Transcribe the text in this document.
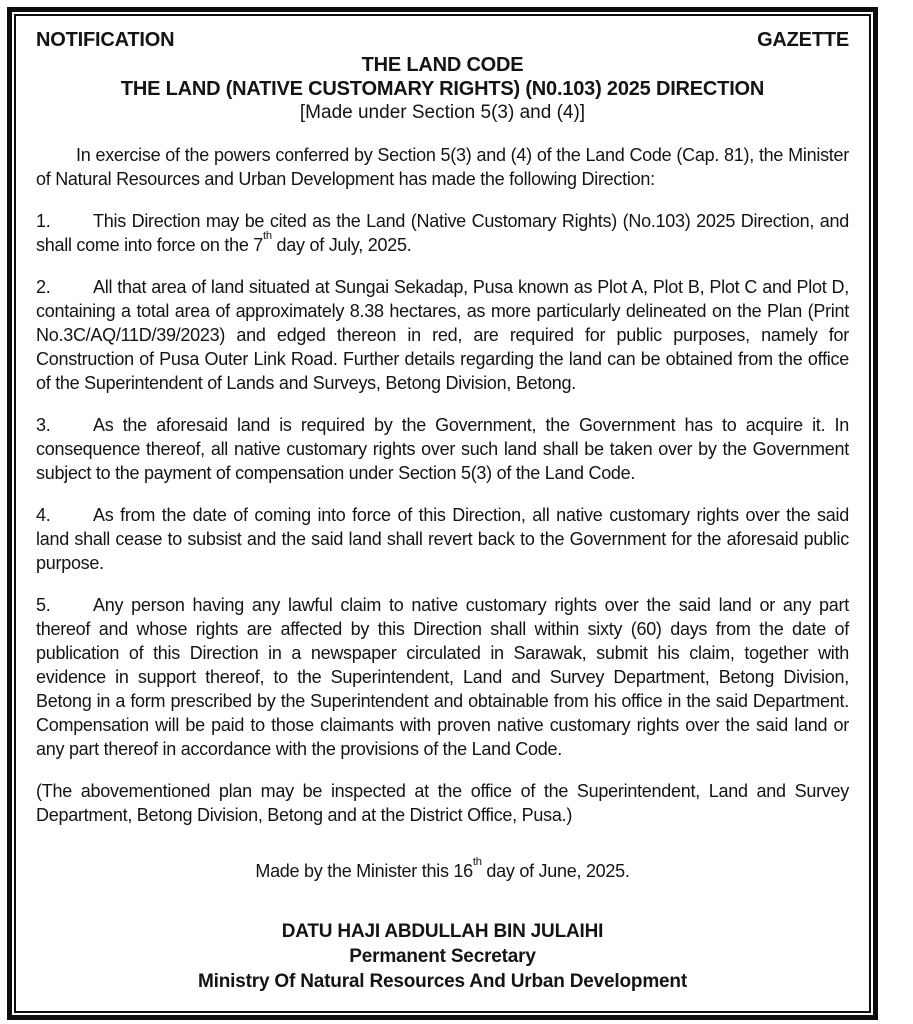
NOTIFICATION	GAZETTE
THE LAND CODE
THE LAND (NATIVE CUSTOMARY RIGHTS) (N0.103) 2025 DIRECTION
[Made under Section 5(3) and (4)]

In exercise of the powers conferred by Section 5(3) and (4) of the Land Code (Cap. 81), the Minister of Natural Resources and Urban Development has made the following Direction:

1. This Direction may be cited as the Land (Native Customary Rights) (No.103) 2025 Direction, and shall come into force on the 7th day of July, 2025.

2. All that area of land situated at Sungai Sekadap, Pusa known as Plot A, Plot B, Plot C and Plot D, containing a total area of approximately 8.38 hectares, as more particularly delineated on the Plan (Print No.3C/AQ/11D/39/2023) and edged thereon in red, are required for public purposes, namely for Construction of Pusa Outer Link Road. Further details regarding the land can be obtained from the office of the Superintendent of Lands and Surveys, Betong Division, Betong.

3. As the aforesaid land is required by the Government, the Government has to acquire it. In consequence thereof, all native customary rights over such land shall be taken over by the Government subject to the payment of compensation under Section 5(3) of the Land Code.

4. As from the date of coming into force of this Direction, all native customary rights over the said land shall cease to subsist and the said land shall revert back to the Government for the aforesaid public purpose.

5. Any person having any lawful claim to native customary rights over the said land or any part thereof and whose rights are affected by this Direction shall within sixty (60) days from the date of publication of this Direction in a newspaper circulated in Sarawak, submit his claim, together with evidence in support thereof, to the Superintendent, Land and Survey Department, Betong Division, Betong in a form prescribed by the Superintendent and obtainable from his office in the said Department. Compensation will be paid to those claimants with proven native customary rights over the said land or any part thereof in accordance with the provisions of the Land Code.

(The abovementioned plan may be inspected at the office of the Superintendent, Land and Survey Department, Betong Division, Betong and at the District Office, Pusa.)

Made by the Minister this 16th day of June, 2025.

DATU HAJI ABDULLAH BIN JULAIHI
Permanent Secretary
Ministry Of Natural Resources And Urban Development
